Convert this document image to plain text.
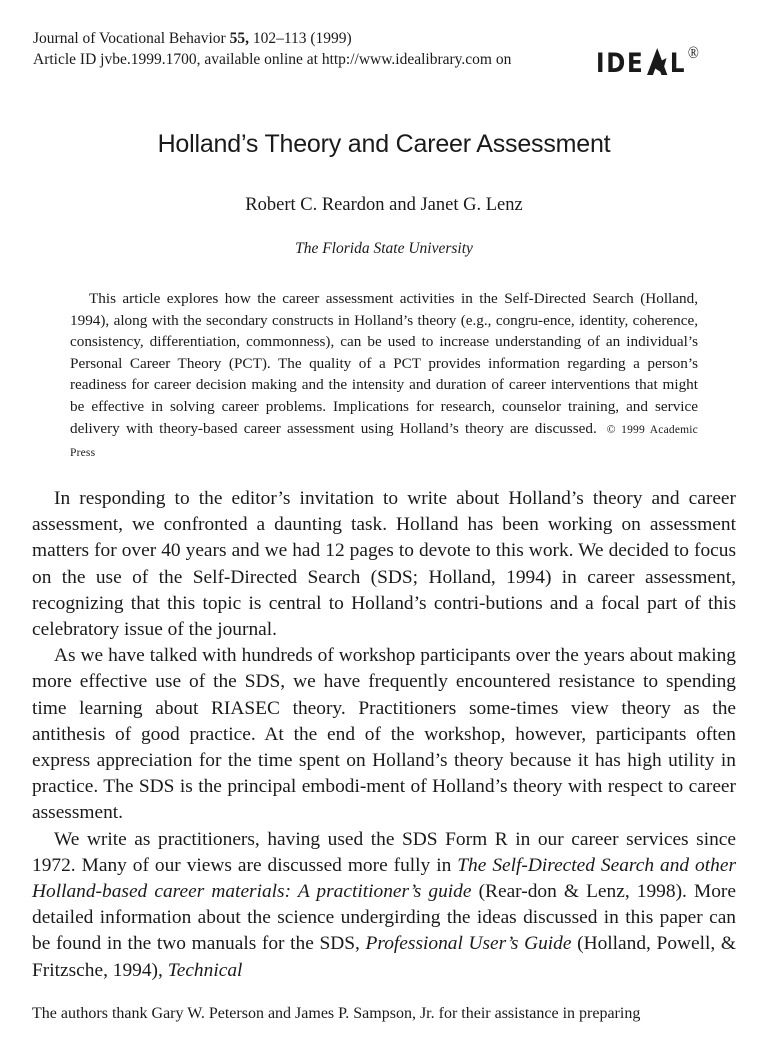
Journal of Vocational Behavior 55, 102–113 (1999)
Article ID jvbe.1999.1700, available online at http://www.idealibrary.com on	IDE L ®
Holland’s Theory and Career Assessment
Robert C. Reardon and Janet G. Lenz
The Florida State University

This article explores how the career assessment activities in the Self-Directed Search (Holland, 1994), along with the secondary constructs in Holland’s theory (e.g., congru-ence, identity, coherence, consistency, differentiation, commonness), can be used to increase understanding of an individual’s Personal Career Theory (PCT). The quality of a PCT provides information regarding a person’s readiness for career decision making and the intensity and duration of career interventions that might be effective in solving career problems. Implications for research, counselor training, and service delivery with theory-based career assessment using Holland’s theory are discussed. © 1999 Academic Press

In responding to the editor’s invitation to write about Holland’s theory and career assessment, we confronted a daunting task. Holland has been working on assessment matters for over 40 years and we had 12 pages to devote to this work. We decided to focus on the use of the Self-Directed Search (SDS; Holland, 1994) in career assessment, recognizing that this topic is central to Holland’s contri-butions and a focal part of this celebratory issue of the journal.

As we have talked with hundreds of workshop participants over the years about making more effective use of the SDS, we have frequently encountered resistance to spending time learning about RIASEC theory. Practitioners some-times view theory as the antithesis of good practice. At the end of the workshop, however, participants often express appreciation for the time spent on Holland’s theory because it has high utility in practice. The SDS is the principal embodi-ment of Holland’s theory with respect to career assessment.

We write as practitioners, having used the SDS Form R in our career services since 1972. Many of our views are discussed more fully in The Self-Directed Search and other Holland-based career materials: A practitioner’s guide (Rear-don & Lenz, 1998). More detailed information about the science undergirding the ideas discussed in this paper can be found in the two manuals for the SDS, Professional User’s Guide (Holland, Powell, & Fritzsche, 1994), Technical

The authors thank Gary W. Peterson and James P. Sampson, Jr. for their assistance in preparing
